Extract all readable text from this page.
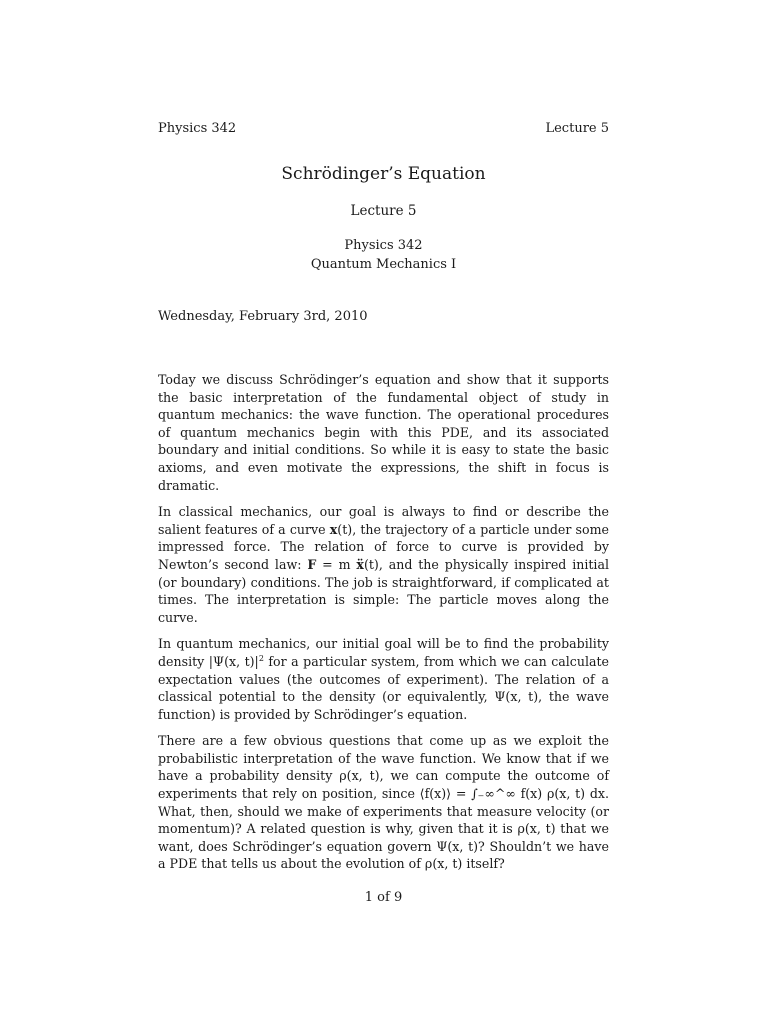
Physics 342	Lecture 5
Schrödinger’s Equation
Lecture 5
Physics 342
Quantum Mechanics I
Wednesday, February 3rd, 2010

Today we discuss Schrödinger’s equation and show that it supports the basic interpretation of the fundamental object of study in quantum mechanics: the wave function. The operational procedures of quantum mechanics begin with this PDE, and its associated boundary and initial conditions. So while it is easy to state the basic axioms, and even motivate the expressions, the shift in focus is dramatic.

In classical mechanics, our goal is always to find or describe the salient features of a curve x(t), the trajectory of a particle under some impressed force. The relation of force to curve is provided by Newton’s second law: F = m ẍ(t), and the physically inspired initial (or boundary) conditions. The job is straightforward, if complicated at times. The interpretation is simple: The particle moves along the curve.

In quantum mechanics, our initial goal will be to find the probability density |Ψ(x, $t)|^2$ for a particular system, from which we can calculate expectation values (the outcomes of experiment). The relation of a classical potential to the density (or equivalently, Ψ(x, t), the wave function) is provided by Schrödinger’s equation.

There are a few obvious questions that come up as we exploit the probabilistic interpretation of the wave function. We know that if we have a probability density ρ(x, t), we can compute the outcome of experiments that rely on position, since ⟨f(x)⟩ = ∫₋∞^∞ f(x) ρ(x, t) dx. What, then, should we make of experiments that measure velocity (or momentum)? A related question is why, given that it is ρ(x, t) that we want, does Schrödinger’s equation govern Ψ(x, t)? Shouldn’t we have a PDE that tells us about the evolution of ρ(x, t) itself?

1 of 9
